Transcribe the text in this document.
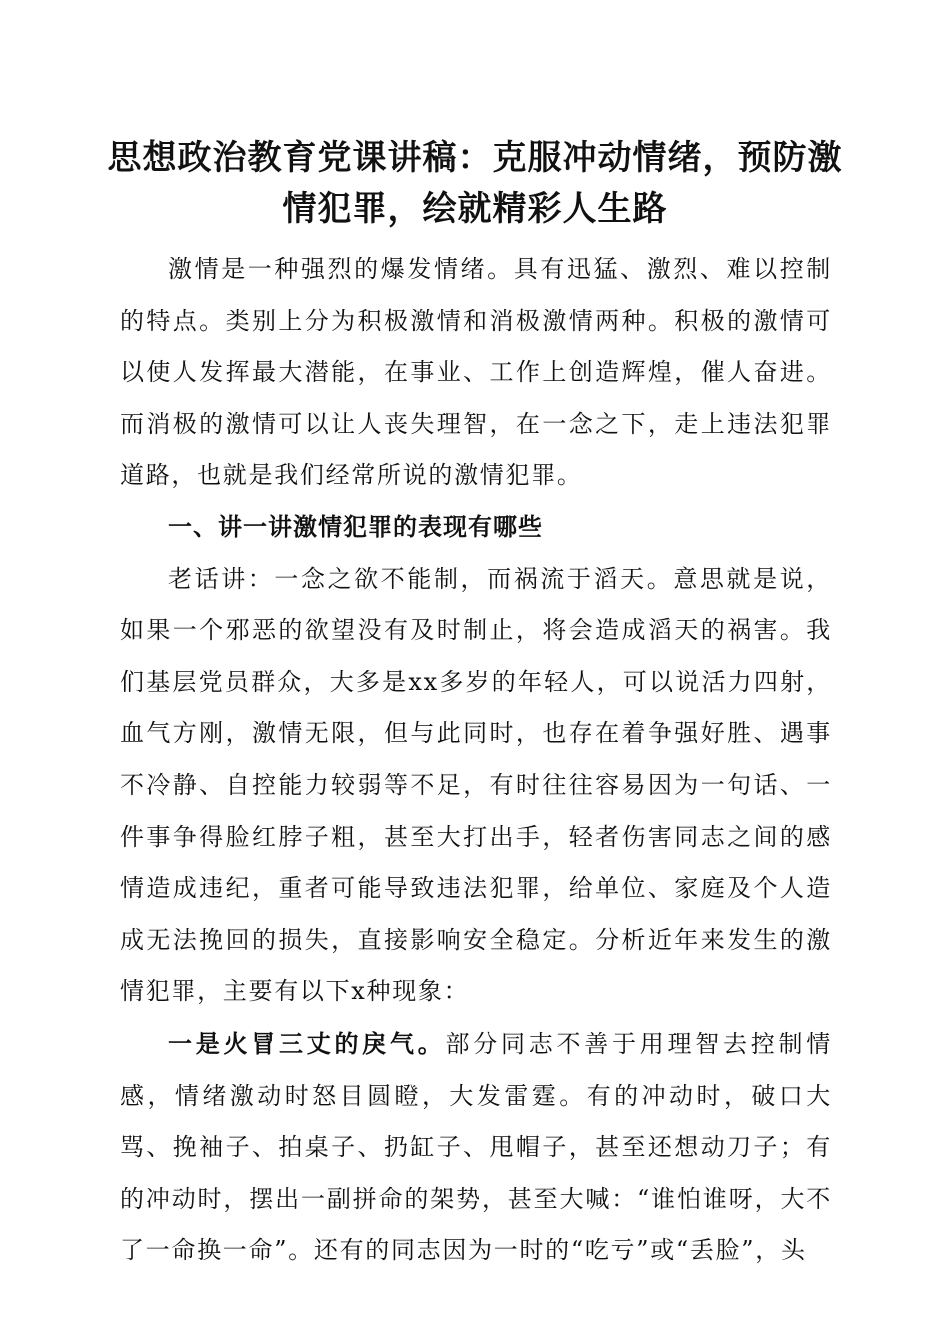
思想政治教育党课讲稿：克服冲动情绪，预防激情犯罪，绘就精彩人生路

激情是一种强烈的爆发情绪。具有迅猛、激烈、难以控制的特点。类别上分为积极激情和消极激情两种。积极的激情可以使人发挥最大潜能，在事业、工作上创造辉煌，催人奋进。而消极的激情可以让人丧失理智，在一念之下，走上违法犯罪道路，也就是我们经常所说的激情犯罪。

一、讲一讲激情犯罪的表现有哪些

老话讲：一念之欲不能制，而祸流于滔天。意思就是说，如果一个邪恶的欲望没有及时制止，将会造成滔天的祸害。我们基层党员群众，大多是xx多岁的年轻人，可以说活力四射，血气方刚，激情无限，但与此同时，也存在着争强好胜、遇事不冷静、自控能力较弱等不足，有时往往容易因为一句话、一件事争得脸红脖子粗，甚至大打出手，轻者伤害同志之间的感情造成违纪，重者可能导致违法犯罪，给单位、家庭及个人造成无法挽回的损失，直接影响安全稳定。分析近年来发生的激情犯罪，主要有以下x种现象：

一是火冒三丈的戾气。部分同志不善于用理智去控制情感，情绪激动时怒目圆瞪，大发雷霆。有的冲动时，破口大骂、挽袖子、拍桌子、扔缸子、甩帽子，甚至还想动刀子；有的冲动时，摆出一副拼命的架势，甚至大喊：“谁怕谁呀，大不了一命换一命”。还有的同志因为一时的“吃亏”或“丢脸”，头
